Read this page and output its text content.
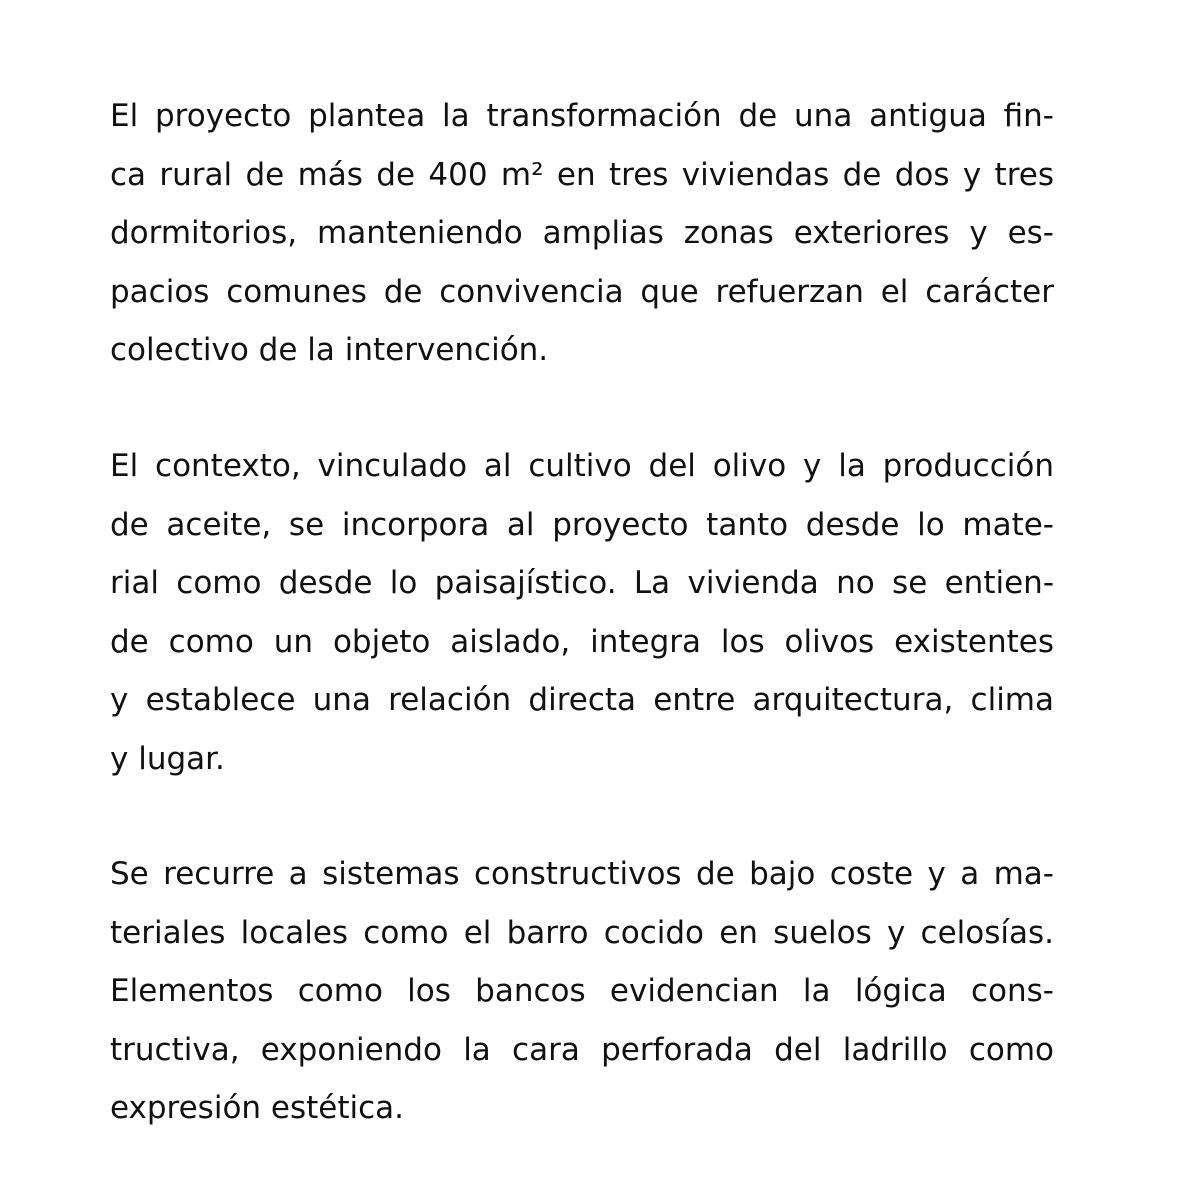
El proyecto plantea la transformación de una antigua fin-
ca rural de más de 400 m² en tres viviendas de dos y tres
dormitorios, manteniendo amplias zonas exteriores y es-
pacios comunes de convivencia que refuerzan el carácter
colectivo de la intervención.
El contexto, vinculado al cultivo del olivo y la producción
de aceite, se incorpora al proyecto tanto desde lo mate-
rial como desde lo paisajístico. La vivienda no se entien-
de como un objeto aislado, integra los olivos existentes
y establece una relación directa entre arquitectura, clima
y lugar.
Se recurre a sistemas constructivos de bajo coste y a ma-
teriales locales como el barro cocido en suelos y celosías.
Elementos como los bancos evidencian la lógica cons-
tructiva, exponiendo la cara perforada del ladrillo como
expresión estética.
